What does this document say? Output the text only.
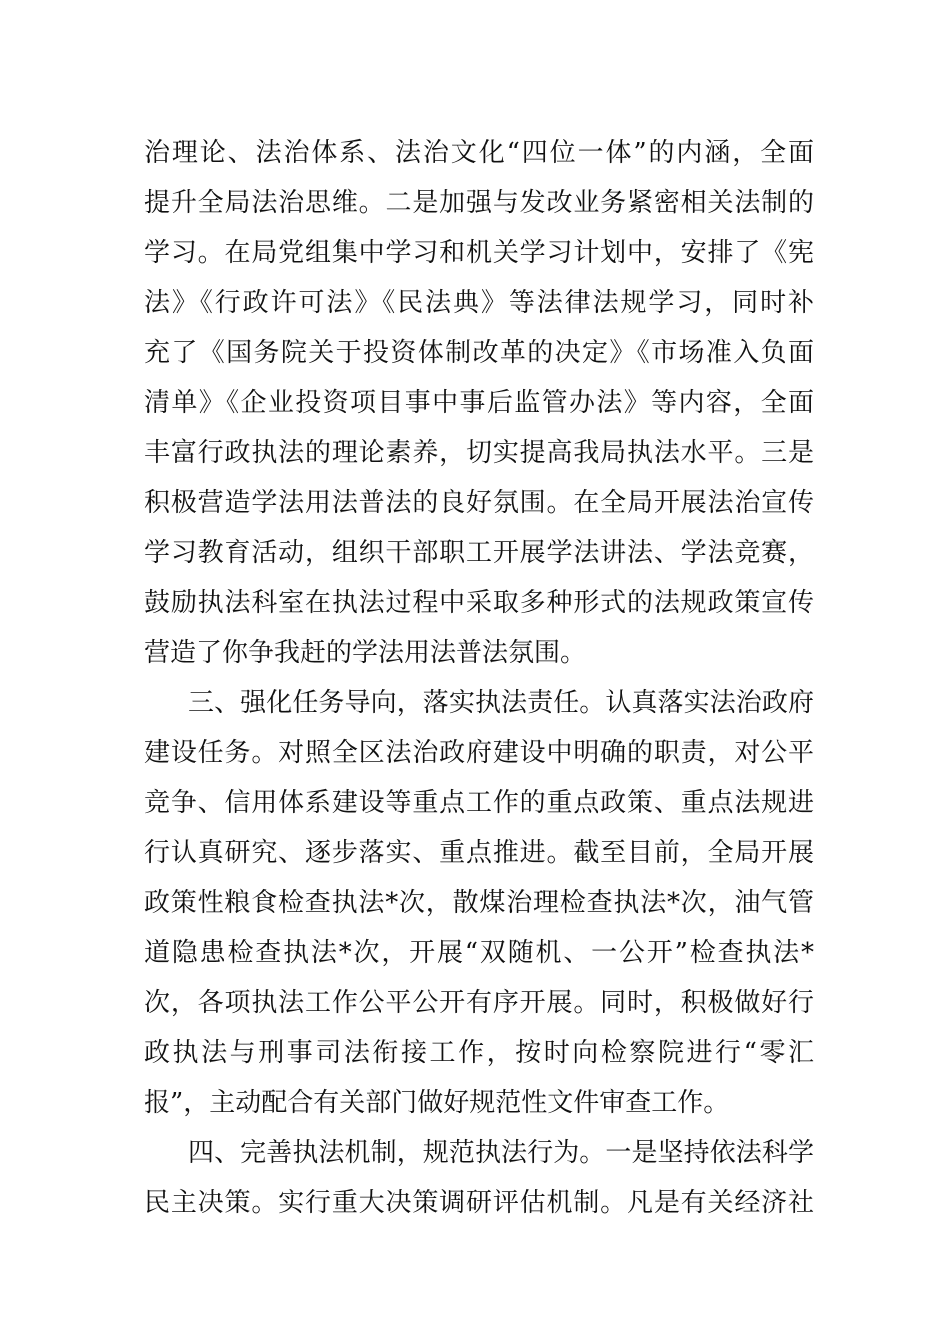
治理论、法治体系、法治文化“四位一体”的内涵，全面
提升全局法治思维。二是加强与发改业务紧密相关法制的
学习。在局党组集中学习和机关学习计划中，安排了《宪
法》《行政许可法》《民法典》等法律法规学习，同时补
充了《国务院关于投资体制改革的决定》《市场准入负面
清单》《企业投资项目事中事后监管办法》等内容，全面
丰富行政执法的理论素养，切实提高我局执法水平。三是
积极营造学法用法普法的良好氛围。在全局开展法治宣传
学习教育活动，组织干部职工开展学法讲法、学法竞赛，
鼓励执法科室在执法过程中采取多种形式的法规政策宣传
营造了你争我赶的学法用法普法氛围。
三、强化任务导向，落实执法责任。认真落实法治政府
建设任务。对照全区法治政府建设中明确的职责，对公平
竞争、信用体系建设等重点工作的重点政策、重点法规进
行认真研究、逐步落实、重点推进。截至目前，全局开展
政策性粮食检查执法*次，散煤治理检查执法*次，油气管
道隐患检查执法*次，开展“双随机、一公开”检查执法*
次，各项执法工作公平公开有序开展。同时，积极做好行
政执法与刑事司法衔接工作，按时向检察院进行“零汇
报”，主动配合有关部门做好规范性文件审查工作。
四、完善执法机制，规范执法行为。一是坚持依法科学
民主决策。实行重大决策调研评估机制。凡是有关经济社
